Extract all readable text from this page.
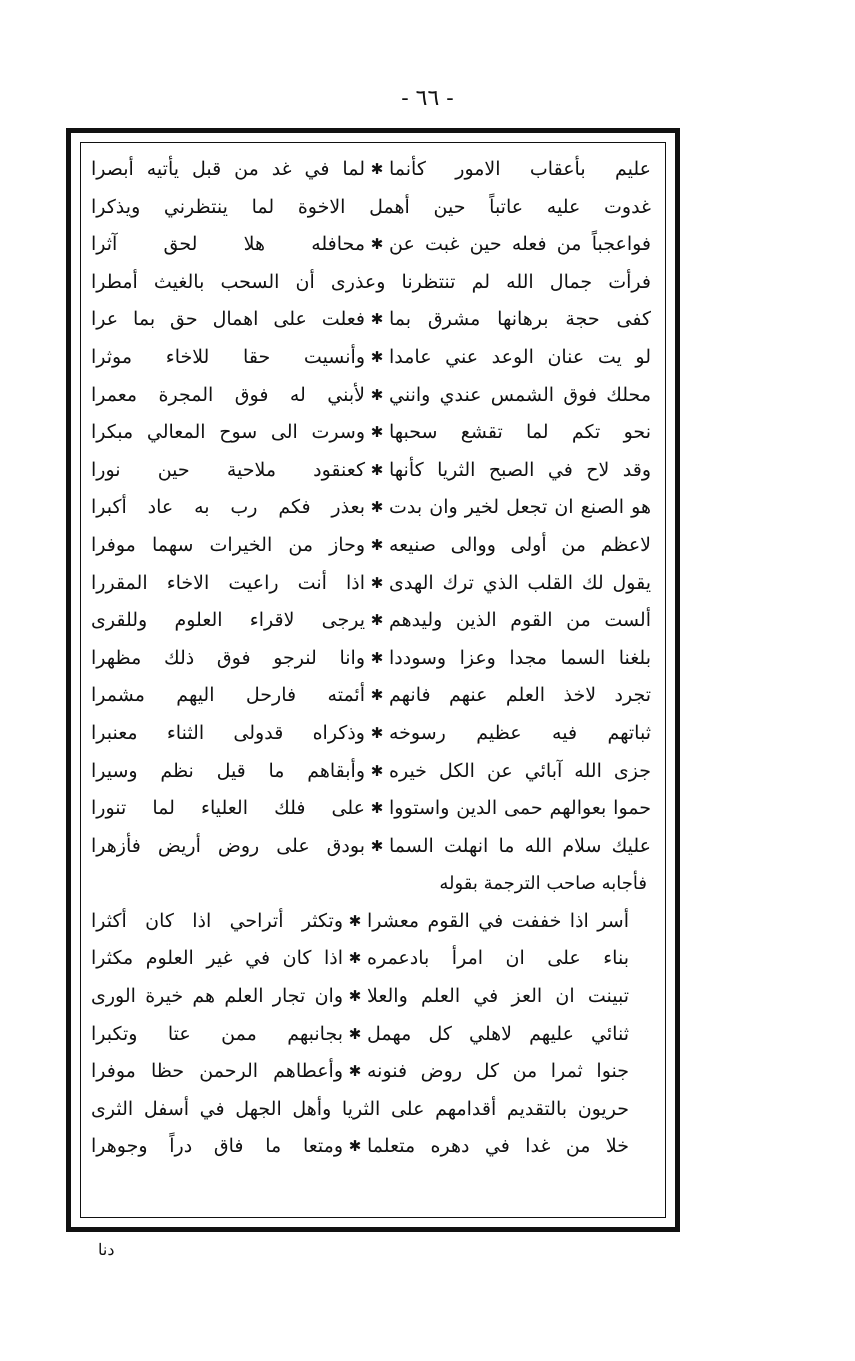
- ٦٦ -
علیم بأعقاب الامور كأنما
✱
لما في غد من قبل يأتيه أبصرا
غدوت عليه عاتباً حين أهمل الاخوة لما ينتظرني ويذكرا
فواعجباً من فعله حين غبت عن
✱
محافله هلا لحق آثرا
فرأت جمال الله لم تنتظرنا وعذرى أن السحب بالغيث أمطرا
كفى حجة برهانها مشرق بما
✱
فعلت على اهمال حق بما عرا
لو يت عنان الوعد عني عامدا
✱
وأنسيت حقا للاخاء موثرا
محلك فوق الشمس عندي وانني
✱
لأبني له فوق المجرة معمرا
نحو تكم لما تقشع سحبها
✱
وسرت الى سوح المعالي مبكرا
وقد لاح في الصبح الثريا كأنها
✱
كعنقود ملاحية حين نورا
هو الصنع ان تجعل لخير وان بدت
✱
بعذر فكم رب به عاد أكبرا
لاعظم من أولى ووالى صنيعه
✱
وحاز من الخيرات سهما موفرا
يقول لك القلب الذي ترك الهدى
✱
اذا أنت راعيت الاخاء المقررا
ألست من القوم الذين وليدهم
✱
يرجى لاقراء العلوم وللقرى
بلغنا السما مجدا وعزا وسوددا
✱
وانا لنرجو فوق ذلك مظهرا
تجرد لاخذ العلم عنهم فانهم
✱
أئمته فارحل اليهم مشمرا
ثباتهم فيه عظيم رسوخه
✱
وذكراه قدولى الثناء معنبرا
جزى الله آبائي عن الكل خيره
✱
وأبقاهم ما قيل نظم وسيرا
حموا بعوالهم حمى الدين واستووا
✱
على فلك العلياء لما تنورا
عليك سلام الله ما انهلت السما
✱
بودق على روض أريض فأزهرا
فأجابه صاحب الترجمة بقوله
أسر اذا خففت في القوم معشرا
✱
وتكثر أتراحي اذا كان أكثرا
بناء على ان امرأ بادعمره
✱
اذا كان في غير العلوم مكثرا
تبينت ان العز في العلم والعلا
✱
وان تجار العلم هم خيرة الورى
ثنائي عليهم لاهلي كل مهمل
✱
بجانبهم ممن عتا وتكبرا
جنوا ثمرا من كل روض فنونه
✱
وأعطاهم الرحمن حظا موفرا
حريون بالتقديم أقدامهم على الثريا وأهل الجهل في أسفل الثرى
خلا من غدا في دهره متعلما
✱
ومتعا ما فاق دراً وجوهرا
دنا
